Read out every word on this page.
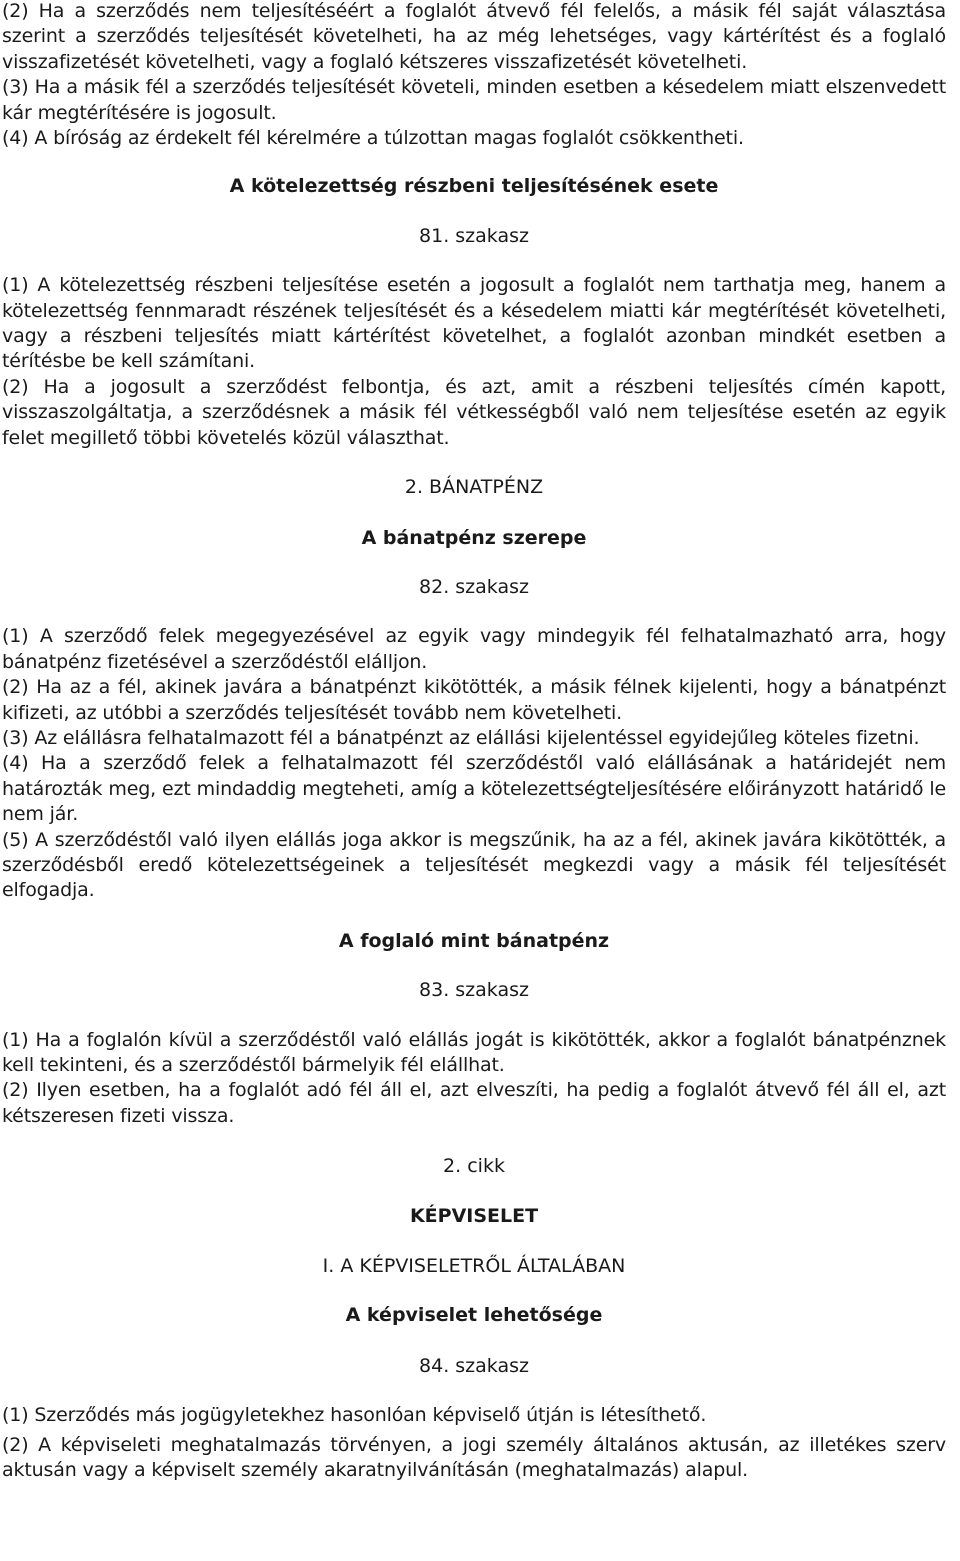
(2) Ha a szerződés nem teljesítéséért a foglalót átvevő fél felelős, a másik fél saját választása szerint a szerződés teljesítését követelheti, ha az még lehetséges, vagy kártérítést és a foglaló visszafizetését követelheti, vagy a foglaló kétszeres visszafizetését követelheti.

(3) Ha a másik fél a szerződés teljesítését követeli, minden esetben a késedelem miatt elszenvedett kár megtérítésére is jogosult.

(4) A bíróság az érdekelt fél kérelmére a túlzottan magas foglalót csökkentheti.

A kötelezettség részbeni teljesítésének esete

81. szakasz

(1) A kötelezettség részbeni teljesítése esetén a jogosult a foglalót nem tarthatja meg, hanem a kötelezettség fennmaradt részének teljesítését és a késedelem miatti kár megtérítését követelheti, vagy a részbeni teljesítés miatt kártérítést követelhet, a foglalót azonban mindkét esetben a térítésbe be kell számítani.

(2) Ha a jogosult a szerződést felbontja, és azt, amit a részbeni teljesítés címén kapott, visszaszolgáltatja, a szerződésnek a másik fél vétkességből való nem teljesítése esetén az egyik felet megillető többi követelés közül választhat.

2. BÁNATPÉNZ

A bánatpénz szerepe

82. szakasz

(1) A szerződő felek megegyezésével az egyik vagy mindegyik fél felhatalmazható arra, hogy bánatpénz fizetésével a szerződéstől elálljon.

(2) Ha az a fél, akinek javára a bánatpénzt kikötötték, a másik félnek kijelenti, hogy a bánatpénzt kifizeti, az utóbbi a szerződés teljesítését tovább nem követelheti.

(3) Az elállásra felhatalmazott fél a bánatpénzt az elállási kijelentéssel egyidejűleg köteles fizetni.

(4) Ha a szerződő felek a felhatalmazott fél szerződéstől való elállásának a határidejét nem határozták meg, ezt mindaddig megteheti, amíg a kötelezettségteljesítésére előirányzott határidő le nem jár.

(5) A szerződéstől való ilyen elállás joga akkor is megszűnik, ha az a fél, akinek javára kikötötték, a szerződésből eredő kötelezettségeinek a teljesítését megkezdi vagy a másik fél teljesítését elfogadja.

A foglaló mint bánatpénz

83. szakasz

(1) Ha a foglalón kívül a szerződéstől való elállás jogát is kikötötték, akkor a foglalót bánatpénznek kell tekinteni, és a szerződéstől bármelyik fél elállhat.

(2) Ilyen esetben, ha a foglalót adó fél áll el, azt elveszíti, ha pedig a foglalót átvevő fél áll el, azt kétszeresen fizeti vissza.

2. cikk

KÉPVISELET

I. A KÉPVISELETRŐL ÁLTALÁBAN

A képviselet lehetősége

84. szakasz

(1) Szerződés más jogügyletekhez hasonlóan képviselő útján is létesíthető.

(2) A képviseleti meghatalmazás törvényen, a jogi személy általános aktusán, az illetékes szerv aktusán vagy a képviselt személy akaratnyilvánításán (meghatalmazás) alapul.
